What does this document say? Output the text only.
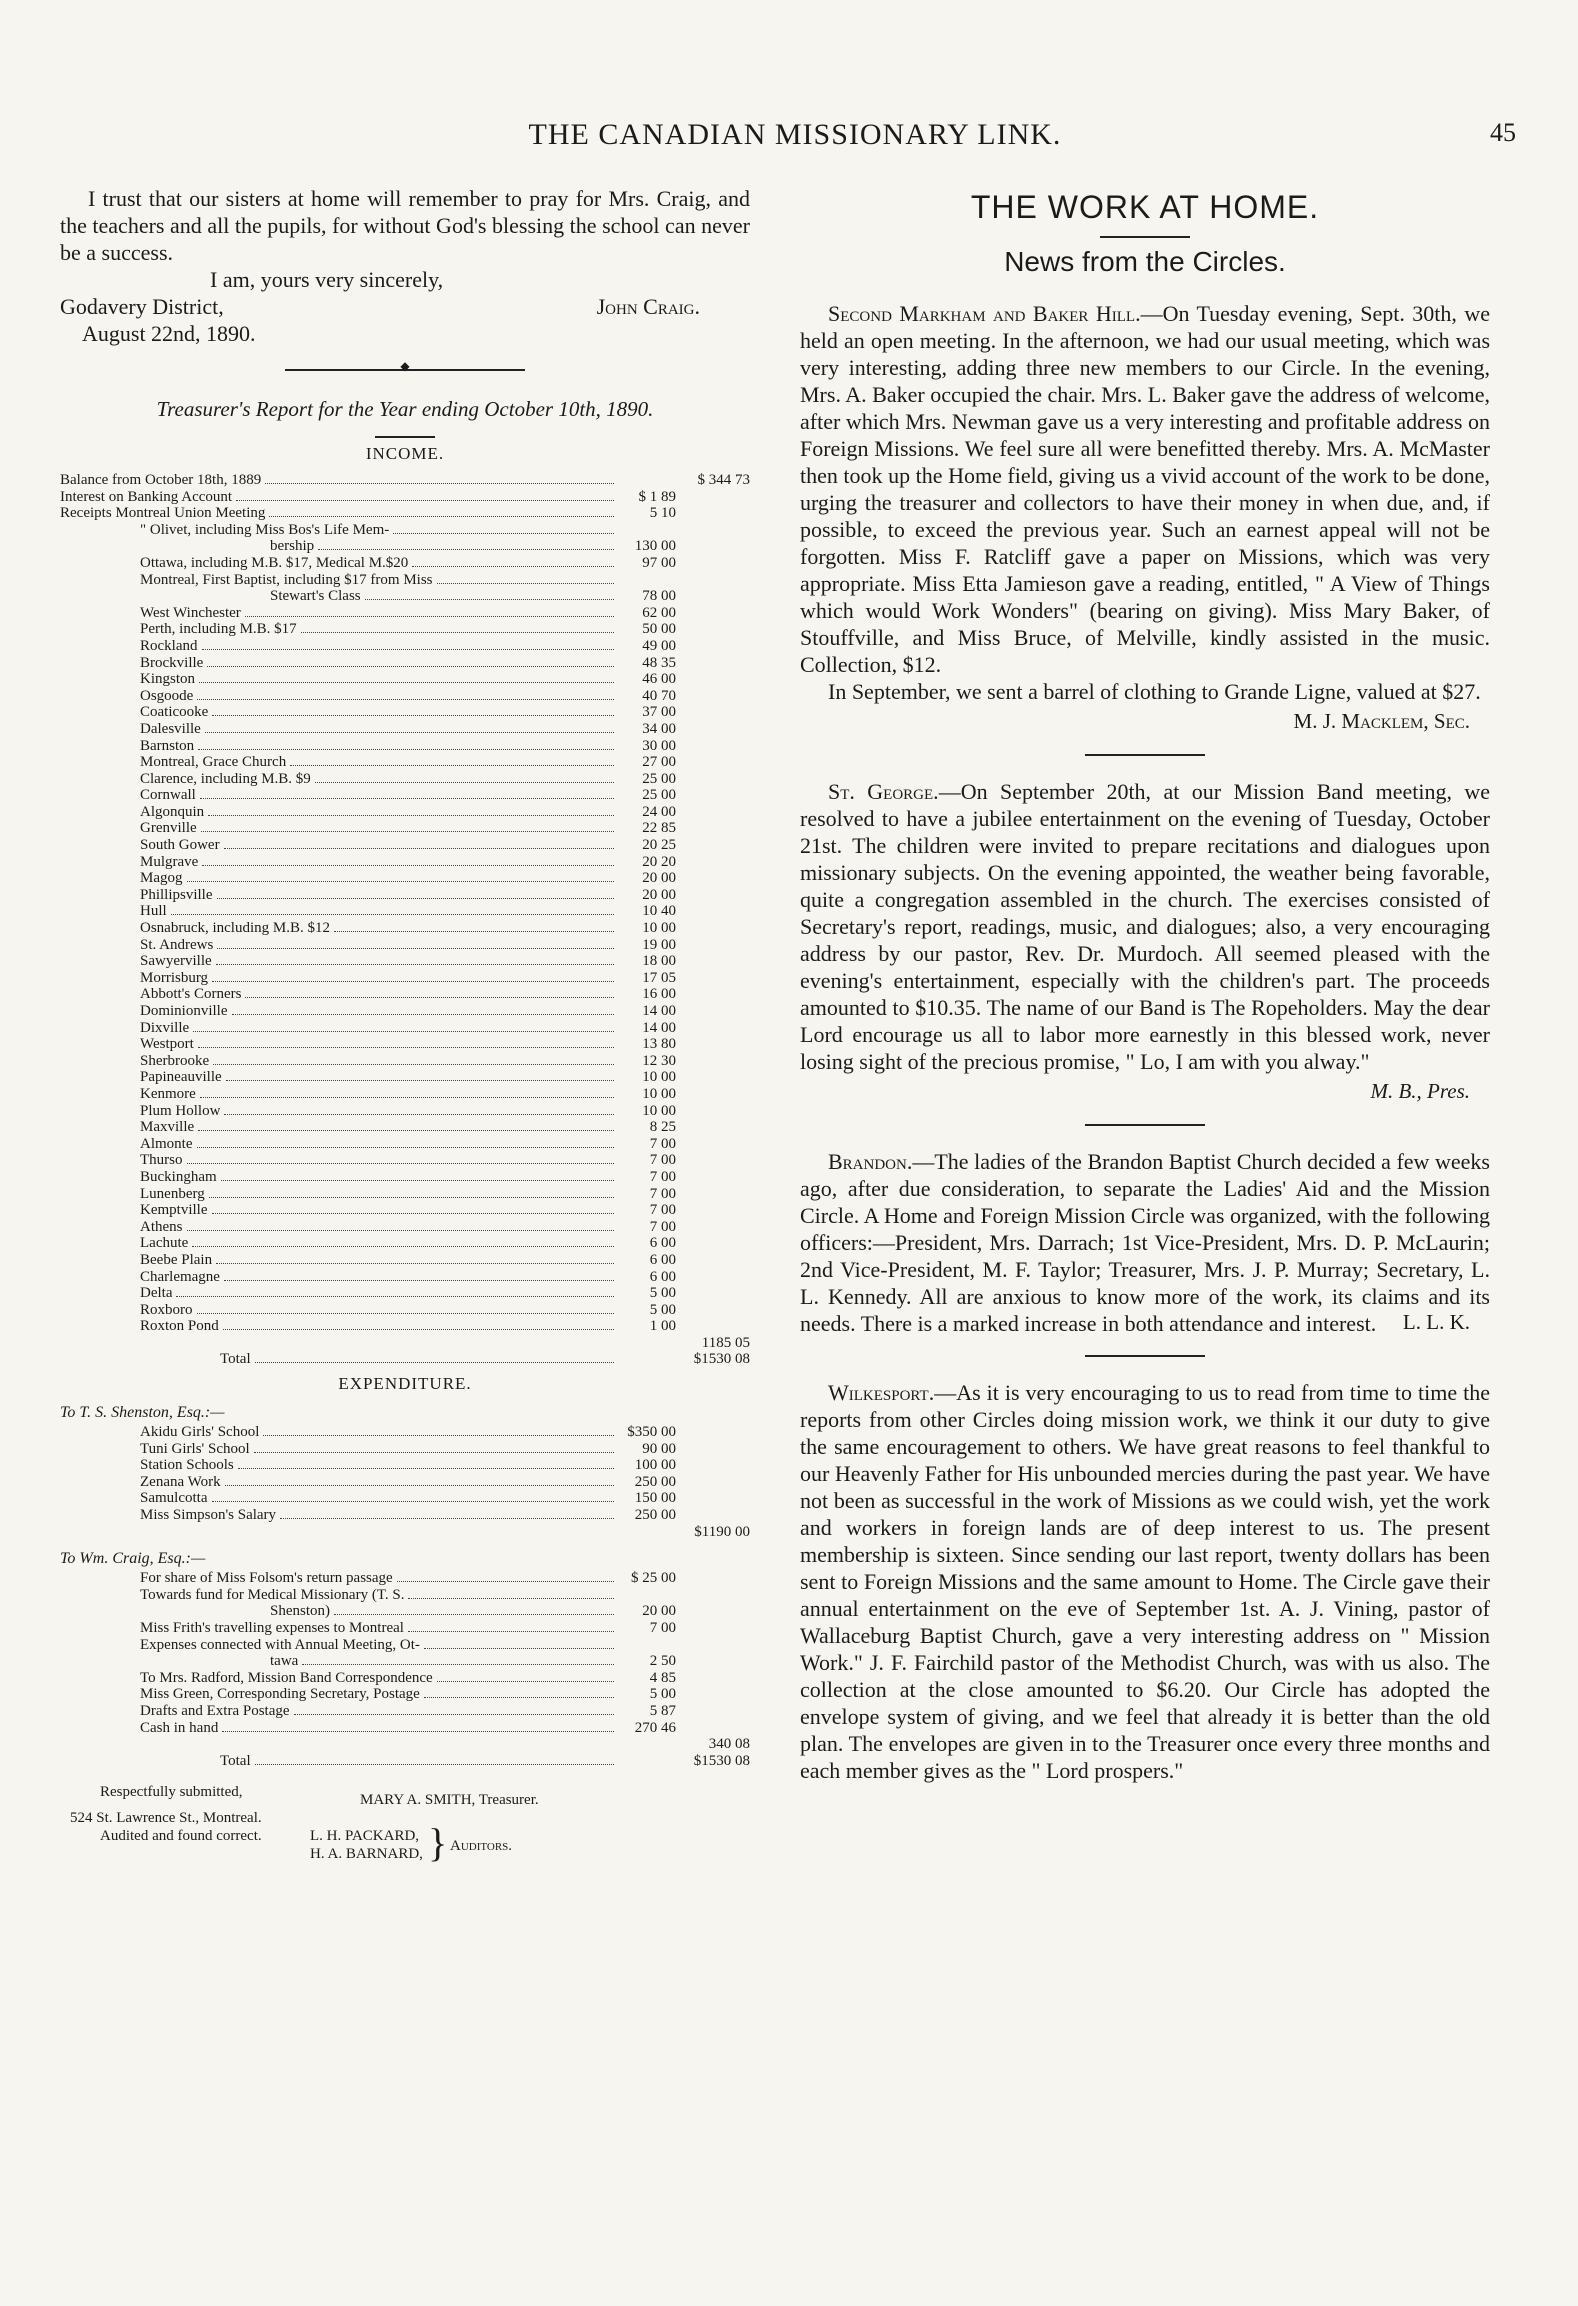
THE CANADIAN MISSIONARY LINK.	45

I trust that our sisters at home will remember to pray for Mrs. Craig, and the teachers and all the pupils, for without God's blessing the school can never be a success.

I am, yours very sincerely,

Godavery District,	John Craig.

August 22nd, 1890.

◆
Treasurer's Report for the Year ending October 10th, 1890.
INCOME.
Balance from October 18th, 1889	$ 344 73
Interest on Banking Account	$ 1 89
Receipts Montreal Union Meeting	5 10
" Olivet, including Miss Bos's Life Mem-
bership	130 00
Ottawa, including M.B. $17, Medical M.$20	97 00
Montreal, First Baptist, including $17 from Miss
Stewart's Class	78 00
West Winchester	62 00
Perth, including M.B. $17	50 00
Rockland	49 00
Brockville	48 35
Kingston	46 00
Osgoode	40 70
Coaticooke	37 00
Dalesville	34 00
Barnston	30 00
Montreal, Grace Church	27 00
Clarence, including M.B. $9	25 00
Cornwall	25 00
Algonquin	24 00
Grenville	22 85
South Gower	20 25
Mulgrave	20 20
Magog	20 00
Phillipsville	20 00
Hull	10 40
Osnabruck, including M.B. $12	10 00
St. Andrews	19 00
Sawyerville	18 00
Morrisburg	17 05
Abbott's Corners	16 00
Dominionville	14 00
Dixville	14 00
Westport	13 80
Sherbrooke	12 30
Papineauville	10 00
Kenmore	10 00
Plum Hollow	10 00
Maxville	8 25
Almonte	7 00
Thurso	7 00
Buckingham	7 00
Lunenberg	7 00
Kemptville	7 00
Athens	7 00
Lachute	6 00
Beebe Plain	6 00
Charlemagne	6 00
Delta	5 00
Roxboro	5 00
Roxton Pond	1 00
1185 05
Total	$1530 08
EXPENDITURE.
To T. S. Shenston, Esq.:—
Akidu Girls' School	$350 00
Tuni Girls' School	90 00
Station Schools	100 00
Zenana Work	250 00
Samulcotta	150 00
Miss Simpson's Salary	250 00
$1190 00
To Wm. Craig, Esq.:—
For share of Miss Folsom's return passage	$ 25 00
Towards fund for Medical Missionary (T. S.
Shenston)	20 00
Miss Frith's travelling expenses to Montreal	7 00
Expenses connected with Annual Meeting, Ot-
tawa	2 50
To Mrs. Radford, Mission Band Correspondence	4 85
Miss Green, Corresponding Secretary, Postage	5 00
Drafts and Extra Postage	5 87
Cash in hand	270 46
340 08
Total	$1530 08
Respectfully submitted,	MARY A. SMITH, Treasurer.
524 St. Lawrence St., Montreal.
Audited and found correct.	L. H. PACKARD,
H. A. BARNARD, } Auditors.
THE WORK AT HOME.
News from the Circles.

Second Markham and Baker Hill.—On Tuesday evening, Sept. 30th, we held an open meeting. In the afternoon, we had our usual meeting, which was very interesting, adding three new members to our Circle. In the evening, Mrs. A. Baker occupied the chair. Mrs. L. Baker gave the address of welcome, after which Mrs. Newman gave us a very interesting and profitable address on Foreign Missions. We feel sure all were benefitted thereby. Mrs. A. McMaster then took up the Home field, giving us a vivid account of the work to be done, urging the treasurer and collectors to have their money in when due, and, if possible, to exceed the previous year. Such an earnest appeal will not be forgotten. Miss F. Ratcliff gave a paper on Missions, which was very appropriate. Miss Etta Jamieson gave a reading, entitled, " A View of Things which would Work Wonders" (bearing on giving). Miss Mary Baker, of Stouffville, and Miss Bruce, of Melville, kindly assisted in the music. Collection, $12.

In September, we sent a barrel of clothing to Grande Ligne, valued at $27.

M. J. Macklem, Sec.

St. George.—On September 20th, at our Mission Band meeting, we resolved to have a jubilee entertainment on the evening of Tuesday, October 21st. The children were invited to prepare recitations and dialogues upon missionary subjects. On the evening appointed, the weather being favorable, quite a congregation assembled in the church. The exercises consisted of Secretary's report, readings, music, and dialogues; also, a very encouraging address by our pastor, Rev. Dr. Murdoch. All seemed pleased with the evening's entertainment, especially with the children's part. The proceeds amounted to $10.35. The name of our Band is The Ropeholders. May the dear Lord encourage us all to labor more earnestly in this blessed work, never losing sight of the precious promise, " Lo, I am with you alway."

M. B., Pres.

Brandon.—The ladies of the Brandon Baptist Church decided a few weeks ago, after due consideration, to separate the Ladies' Aid and the Mission Circle. A Home and Foreign Mission Circle was organized, with the following officers:—President, Mrs. Darrach; 1st Vice-President, Mrs. D. P. McLaurin; 2nd Vice-President, M. F. Taylor; Treasurer, Mrs. J. P. Murray; Secretary, L. L. Kennedy. All are anxious to know more of the work, its claims and its needs. There is a marked increase in both attendance and interest.	L. L. K.

Wilkesport.—As it is very encouraging to us to read from time to time the reports from other Circles doing mission work, we think it our duty to give the same encouragement to others. We have great reasons to feel thankful to our Heavenly Father for His unbounded mercies during the past year. We have not been as successful in the work of Missions as we could wish, yet the work and workers in foreign lands are of deep interest to us. The present membership is sixteen. Since sending our last report, twenty dollars has been sent to Foreign Missions and the same amount to Home. The Circle gave their annual entertainment on the eve of September 1st. A. J. Vining, pastor of Wallaceburg Baptist Church, gave a very interesting address on " Mission Work." J. F. Fairchild pastor of the Methodist Church, was with us also. The collection at the close amounted to $6.20. Our Circle has adopted the envelope system of giving, and we feel that already it is better than the old plan. The envelopes are given in to the Treasurer once every three months and each member gives as the " Lord prospers."
